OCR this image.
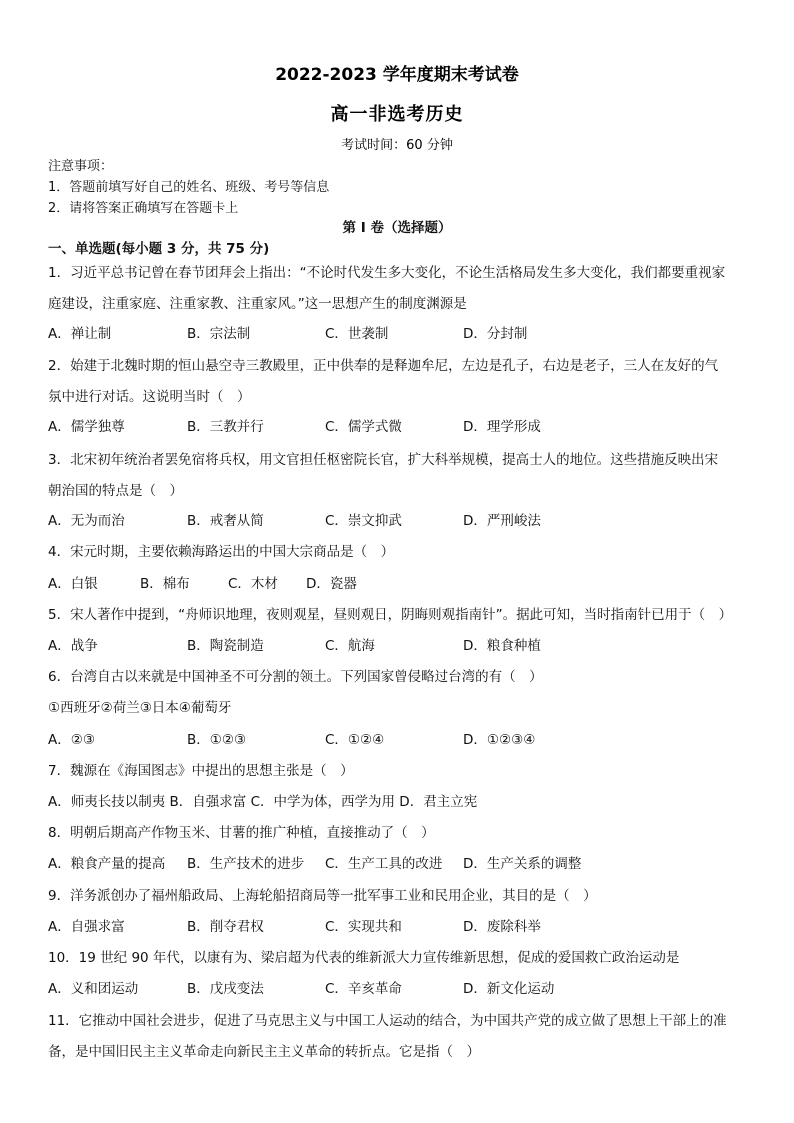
2022-2023 学年度期末考试卷
高一非选考历史
考试时间：60 分钟
注意事项：
1．答题前填写好自己的姓名、班级、考号等信息
2．请将答案正确填写在答题卡上
第 I 卷（选择题）
一、单选题(每小题 3 分，共 75 分)
1．习近平总书记曾在春节团拜会上指出：“不论时代发生多大变化，不论生活格局发生多大变化，我们都要重视家
庭建设，注重家庭、注重家教、注重家风。”这一思想产生的制度渊源是
A．禅让制	B．宗法制	C．世袭制	D．分封制
2．始建于北魏时期的恒山悬空寺三教殿里，正中供奉的是释迦牟尼，左边是孔子，右边是老子，三人在友好的气
氛中进行对话。这说明当时（　）
A．儒学独尊	B．三教并行	C．儒学式微	D．理学形成
3．北宋初年统治者罢免宿将兵权，用文官担任枢密院长官，扩大科举规模，提高士人的地位。这些措施反映出宋
朝治国的特点是（　）
A．无为而治	B．戒奢从简	C．崇文抑武	D．严刑峻法
4．宋元时期，主要依赖海路运出的中国大宗商品是（　）
A．白银	B．棉布	C．木材 D．瓷器
5．宋人著作中提到，“舟师识地理，夜则观星，昼则观日，阴晦则观指南针”。据此可知，当时指南针已用于（　）
A．战争	B．陶瓷制造	C．航海	D．粮食种植
6．台湾自古以来就是中国神圣不可分割的领土。下列国家曾侵略过台湾的有（　）
①西班牙②荷兰③日本④葡萄牙
A．②③	B．①②③	C．①②④	D．①②③④
7．魏源在《海国图志》中提出的思想主张是（　）
A．师夷长技以制夷 B．自强求富 C．中学为体，西学为用 D．君主立宪
8．明朝后期高产作物玉米、甘薯的推广种植，直接推动了（　）
A．粮食产量的提高 B．生产技术的进步 C．生产工具的改进 D．生产关系的调整
9．洋务派创办了福州船政局、上海轮船招商局等一批军事工业和民用企业，其目的是（　）
A．自强求富	B．削夺君权	C．实现共和	D．废除科举
10．19 世纪 90 年代，以康有为、梁启超为代表的维新派大力宣传维新思想，促成的爱国救亡政治运动是
A．义和团运动	B．戊戌变法	C．辛亥革命	D．新文化运动
11．它推动中国社会进步，促进了马克思主义与中国工人运动的结合，为中国共产党的成立做了思想上干部上的准
备，是中国旧民主主义革命走向新民主主义革命的转折点。它是指（　）
